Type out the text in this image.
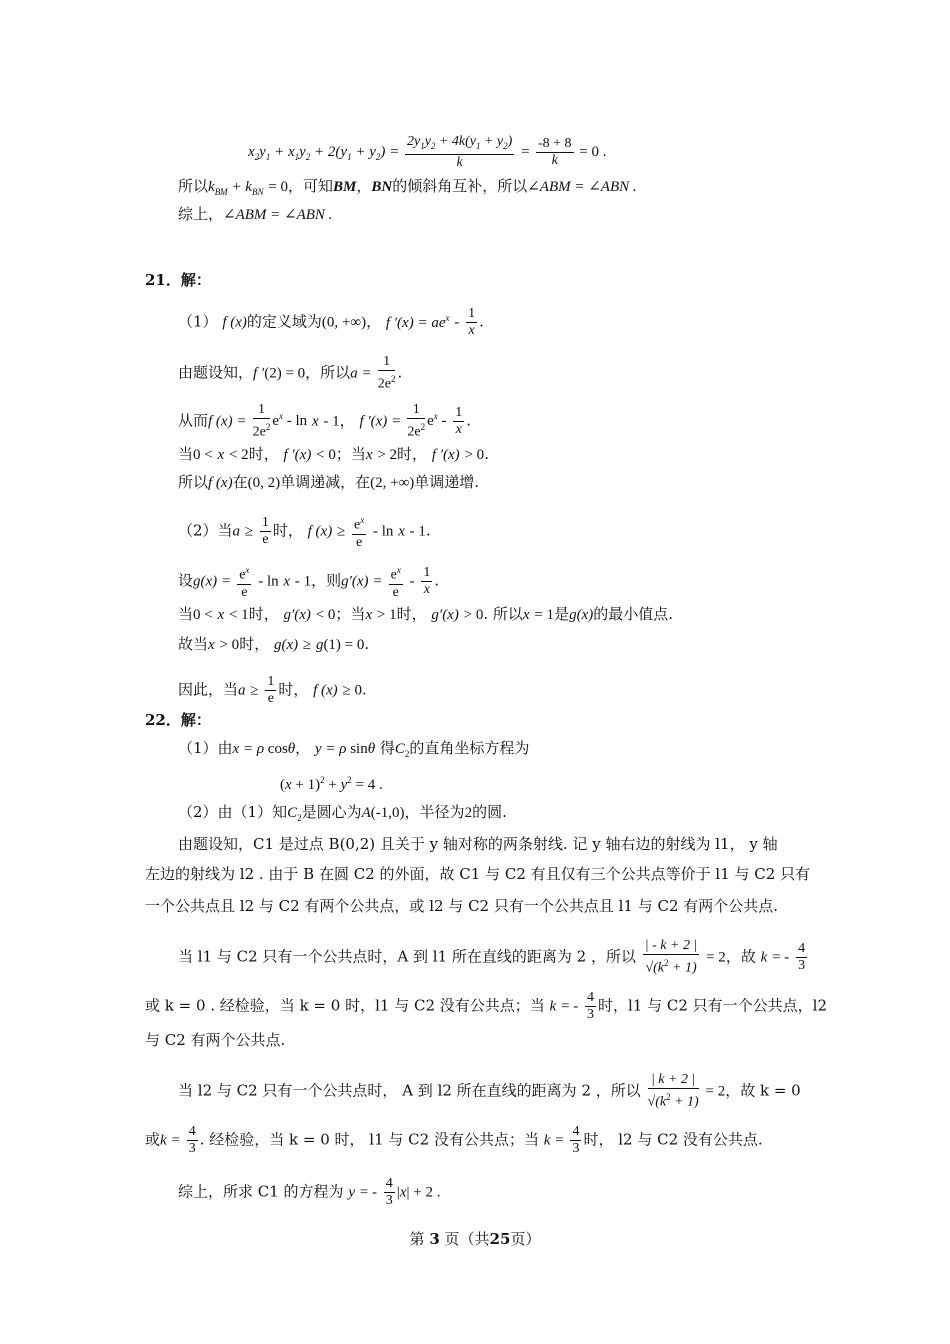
$x_2y_1 + x_1y_2 + 2(y_1 + y_2) = \frac{2y_1y_2 + 4k(y_1 + y_2)}{k} = \frac{-8 + 8}{k} = 0$ .
所以$k_{BM} + k_{BN} = 0$，可知BM，BN的倾斜角互补，所以∠ABM = ∠ABN .
综上，∠ABM = ∠ABN .
21．解：
（1） f (x)的定义域为(0, +∞)， f $'(x) = ae^x - \frac{1}{x}$ .
由题设知，f ′(2) = 0，所以$a = \frac{1}{2e^2}$ .
从而f $(x) = \frac{1}{2e^2} e^x - \ln x - 1$， f $'(x) = \frac{1}{2e^2} e^x - \frac{1}{x}$ .
当0 < x < 2时， f ′(x) < 0；当x > 2时， f ′(x) > 0.
所以f (x)在(0, 2)单调递减，在(2, +∞)单调递增.
（2）当$a \ge \frac{1}{e}$ 时， f $(x) \ge \frac{e^x}{e} - \ln x - 1$.
设$g(x) = \frac{e^x}{e} - \ln x - 1$，则$g'(x) = \frac{e^x}{e} - \frac{1}{x}$ .
当0 < x < 1时， g′(x) < 0；当x > 1时， g′(x) > 0. 所以x = 1是g(x)的最小值点.
故当x > 0时， g(x) ≥ g(1) = 0.
因此，当$a \ge \frac{1}{e}$ 时， f (x) ≥ 0.
22．解：
（1）由x = ρ cosθ， y = ρ sinθ 得$C_2$的直角坐标方程为
$(x + 1)^2 + y^2 = 4$ .
（2）由（1）知$C_2$是圆心为A(-1,0)，半径为2的圆.
由题设知，C1 是过点 B(0,2) 且关于 y 轴对称的两条射线. 记 y 轴右边的射线为 l1， y 轴
左边的射线为 l2 . 由于 B 在圆 C2 的外面，故 C1 与 C2 有且仅有三个公共点等价于 l1 与 C2 只有
一个公共点且 l2 与 C2 有两个公共点，或 l2 与 C2 只有一个公共点且 l1 与 C2 有两个公共点.
当 l1 与 C2 只有一个公共点时，A 到 l1 所在直线的距离为 2 ，所以 $\frac{| - k + 2 |}{√(k^2 + 1)} = 2$，故 k = - $\frac{4}{3}$
或 k = 0 . 经检验，当 k = 0 时，l1 与 C2 没有公共点；当 k = - $\frac{4}{3}$ 时，l1 与 C2 只有一个公共点，l2
与 C2 有两个公共点.
当 l2 与 C2 只有一个公共点时， A 到 l2 所在直线的距离为 2 ，所以 $\frac{| k + 2 |}{√(k^2 + 1)} = 2$，故 k = 0
或$k = \frac{4}{3}$ . 经检验，当 k = 0 时， l1 与 C2 没有公共点；当 $k = \frac{4}{3}$ 时， l2 与 C2 没有公共点.
综上，所求 C1 的方程为 y = - $\frac{4}{3} |x| + 2$ .
第 3 页（共25页）
